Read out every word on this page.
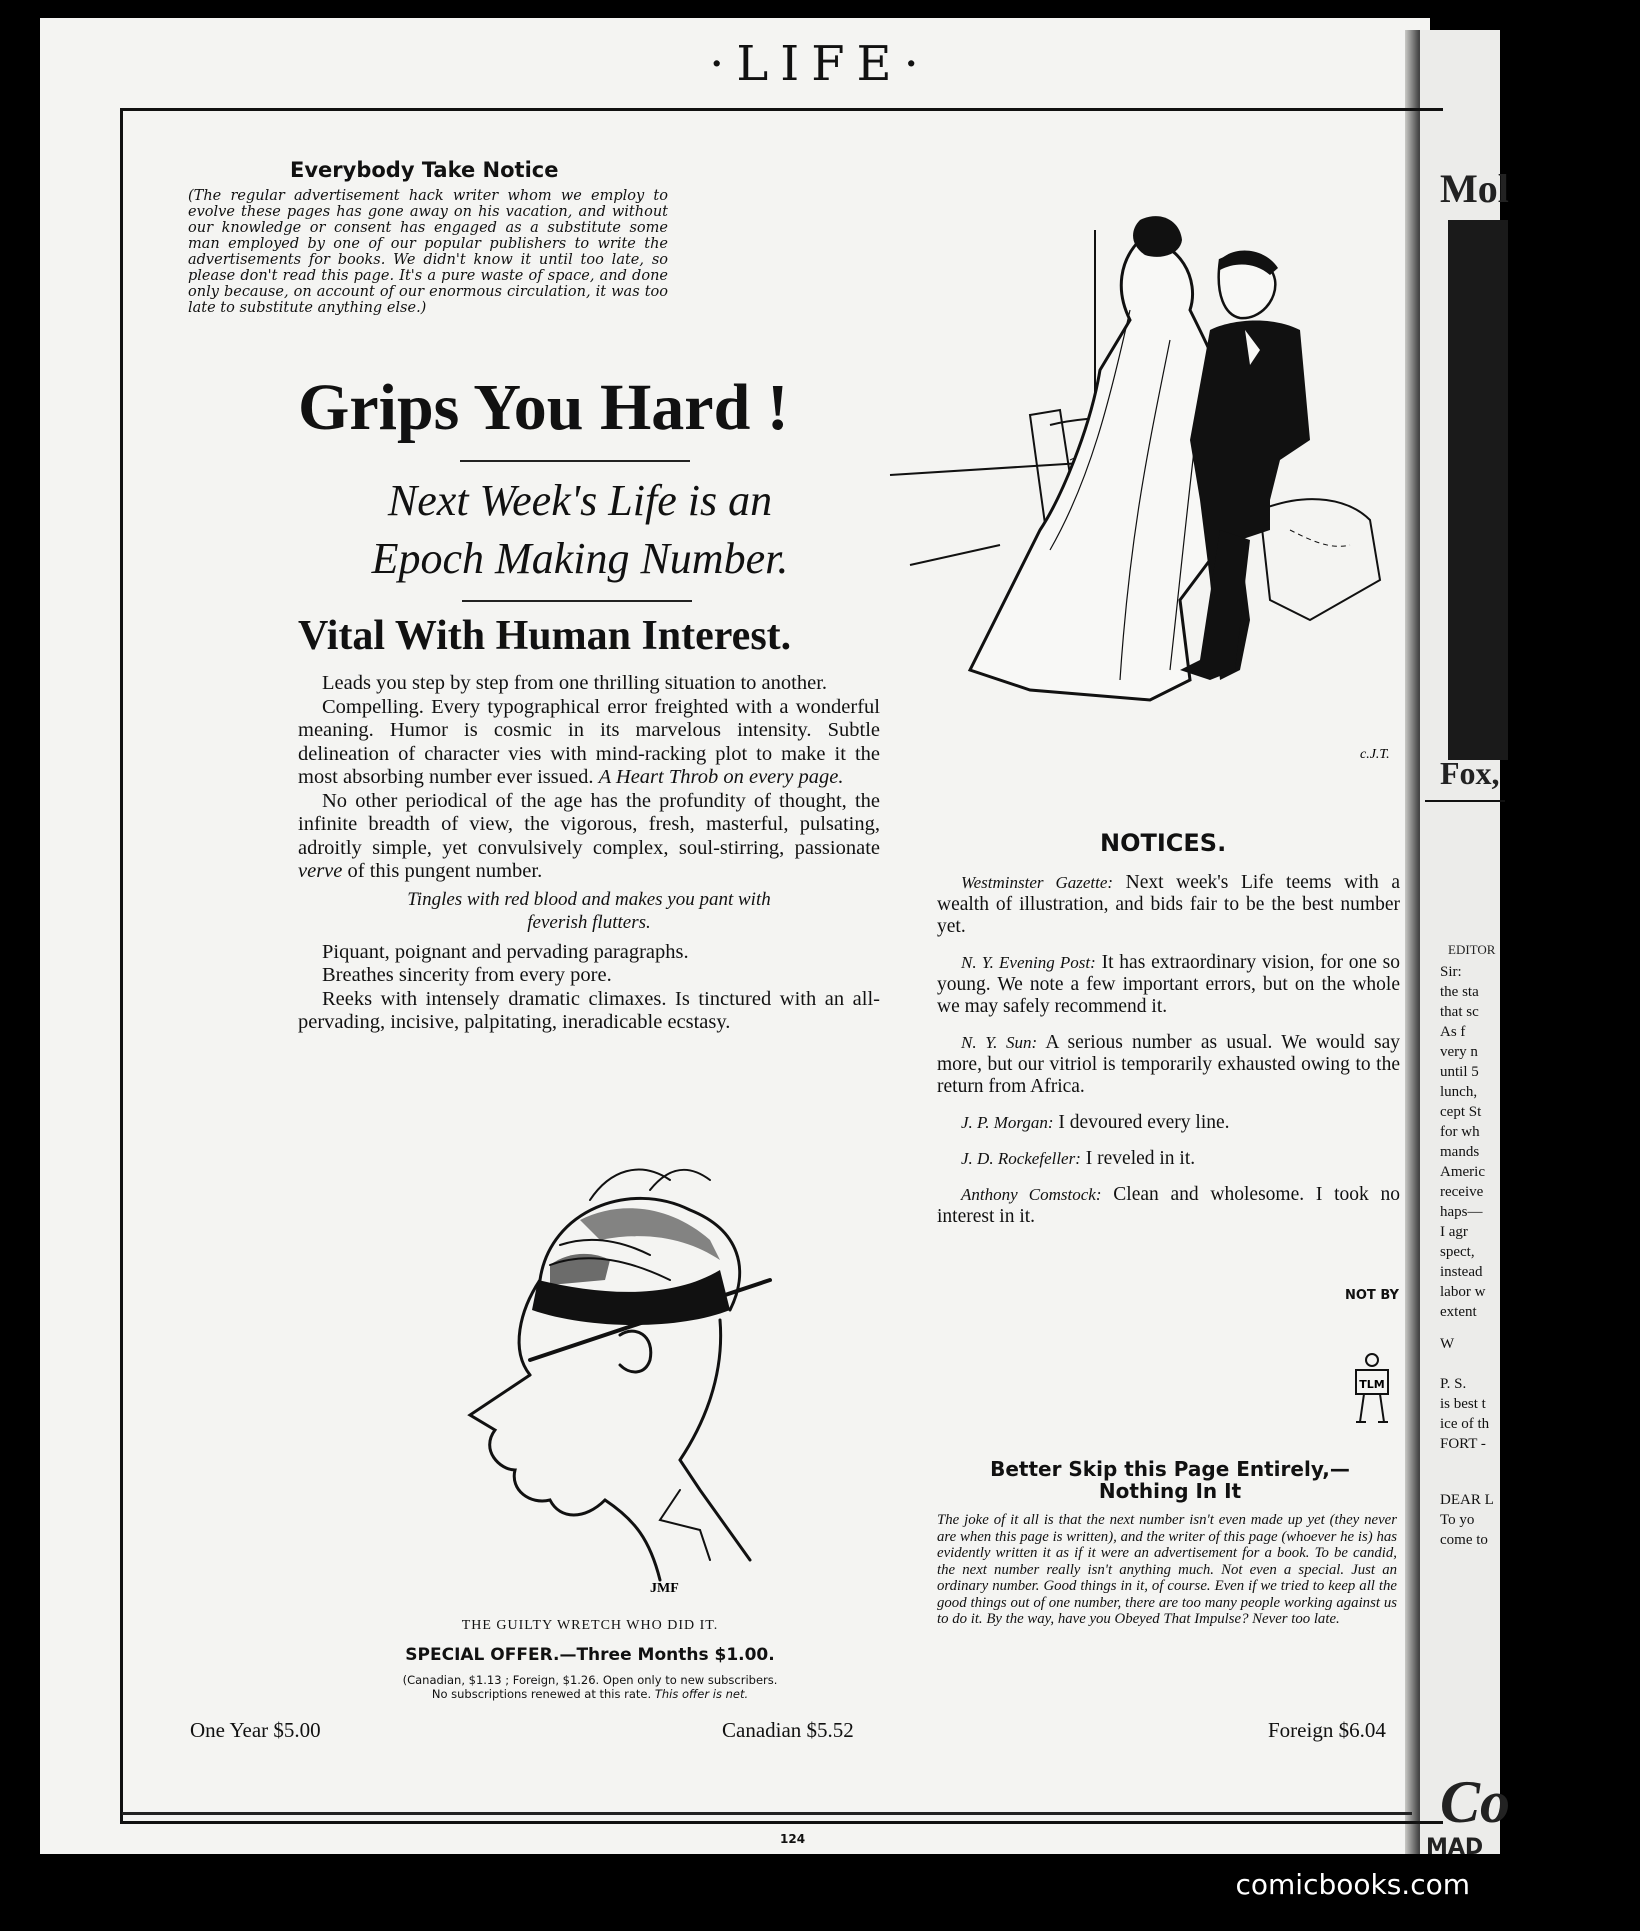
·LIFE·
Everybody Take Notice
(The regular advertisement hack writer whom we employ to evolve these pages has gone away on his vacation, and without our knowledge or consent has engaged as a substitute some man employed by one of our popular publishers to write the advertisements for books. We didn't know it until too late, so please don't read this page. It's a pure waste of space, and done only because, on account of our enormous circulation, it was too late to substitute anything else.)
Grips You Hard !
Next Week's Life is an
Epoch Making Number.
Vital With Human Interest.

Leads you step by step from one thrilling situation to another.

Compelling. Every typographical error freighted with a wonderful meaning. Humor is cosmic in its marvelous intensity. Subtle delineation of character vies with mind-racking plot to make it the most absorbing number ever issued. A Heart Throb on every page.

No other periodical of the age has the profundity of thought, the infinite breadth of view, the vigorous, fresh, masterful, pulsating, adroitly simple, yet convulsively complex, soul-stirring, passionate verve of this pungent number.

Tingles with red blood and makes you pant with
feverish flutters.

Piquant, poignant and pervading paragraphs.

Breathes sincerity from every pore.

Reeks with intensely dramatic climaxes. Is tinctured with an all-pervading, incisive, palpitating, ineradicable ecstasy.

JMF
THE GUILTY WRETCH WHO DID IT.
SPECIAL OFFER.—Three Months $1.00.
(Canadian, $1.13 ; Foreign, $1.26. Open only to new subscribers.
No subscriptions renewed at this rate. This offer is net.
One Year $5.00	Canadian $5.52	Foreign $6.04
c.J.T.
NOTICES.

Westminster Gazette: Next week's Life teems with a wealth of illustration, and bids fair to be the best number yet.

N. Y. Evening Post: It has extraordinary vision, for one so young. We note a few important errors, but on the whole we may safely recommend it.

N. Y. Sun: A serious number as usual. We would say more, but our vitriol is temporarily exhausted owing to the return from Africa.

J. P. Morgan: I devoured every line.

J. D. Rockefeller: I reveled in it.

Anthony Comstock: Clean and wholesome. I took no interest in it.

NOT BY
TLM
Better Skip this Page Entirely,— Nothing In It
The joke of it all is that the next number isn't even made up yet (they never are when this page is written), and the writer of this page (whoever he is) has evidently written it as if it were an advertisement for a book. To be candid, the next number really isn't anything much. Not even a special. Just an ordinary number. Good things in it, of course. Even if we tried to keep all the good things out of one number, there are too many people working against us to do it. By the way, have you Obeyed That Impulse? Never too late.
124
Mol
Fox,
EDITOR
Sir:
the sta
that sc
As f
very n
until 5
lunch,
cept St
for wh
mands
Americ
receive
haps—
I agr
spect,
instead
labor w
extent
W
P. S.
is best t
ice of th
FORT -
DEAR L
To yo
come to
Co
MAD
comicbooks.com
